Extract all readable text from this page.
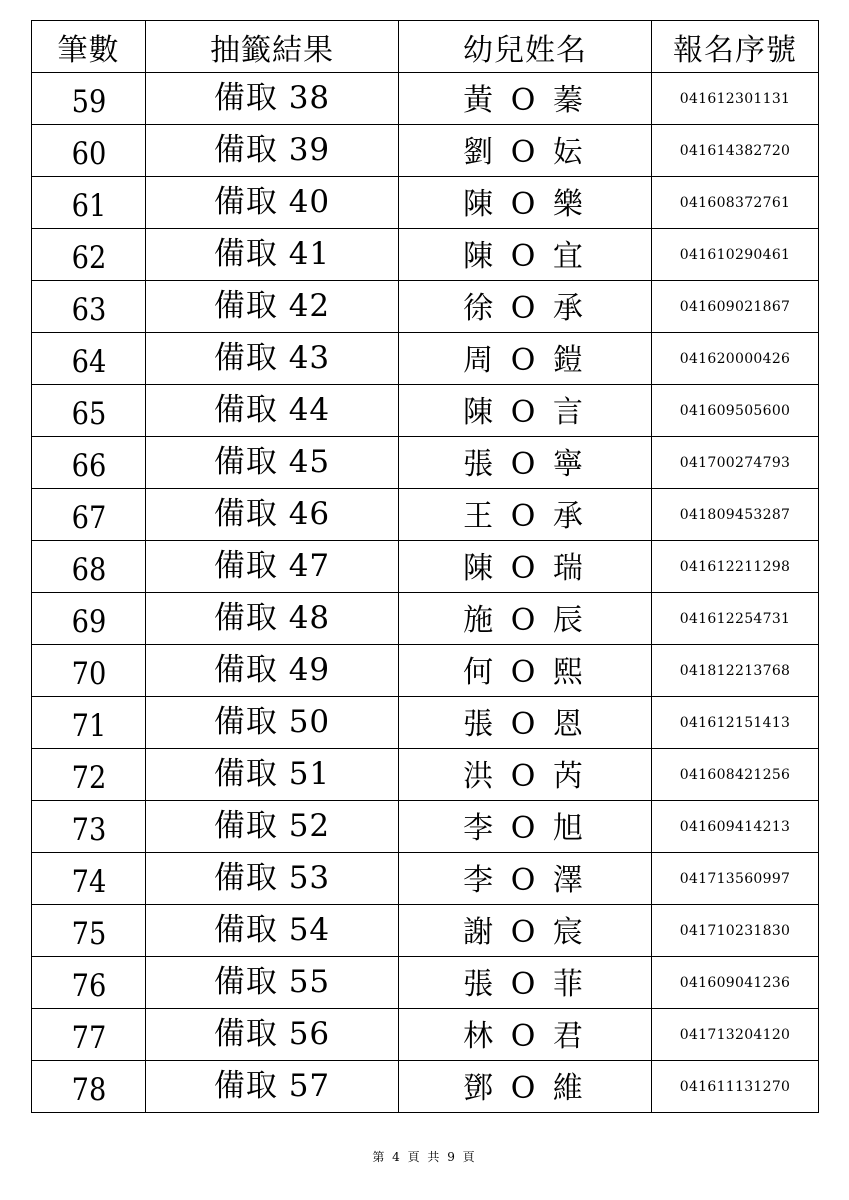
筆數	抽籤結果	幼兒姓名	報名序號
59	備取 38	黃 O 蓁	041612301131
60	備取 39	劉 O 妘	041614382720
61	備取 40	陳 O 樂	041608372761
62	備取 41	陳 O 宜	041610290461
63	備取 42	徐 O 承	041609021867
64	備取 43	周 O 鎧	041620000426
65	備取 44	陳 O 言	041609505600
66	備取 45	張 O 寧	041700274793
67	備取 46	王 O 承	041809453287
68	備取 47	陳 O 瑞	041612211298
69	備取 48	施 O 辰	041612254731
70	備取 49	何 O 熙	041812213768
71	備取 50	張 O 恩	041612151413
72	備取 51	洪 O 芮	041608421256
73	備取 52	李 O 旭	041609414213
74	備取 53	李 O 澤	041713560997
75	備取 54	謝 O 宸	041710231830
76	備取 55	張 O 菲	041609041236
77	備取 56	林 O 君	041713204120
78	備取 57	鄧 O 維	041611131270
第 4 頁 共 9 頁
